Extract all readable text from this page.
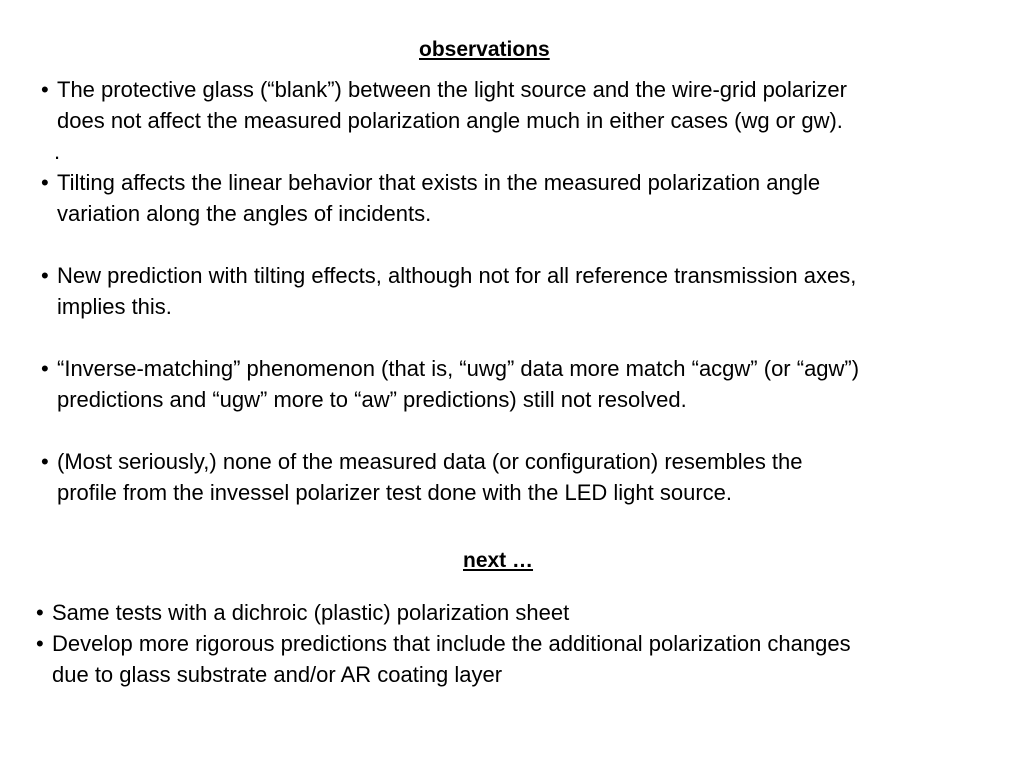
observations
• The protective glass (“blank”) between the light source and the wire-grid polarizer
does not affect the measured polarization angle much in either cases (wg or gw).
.
• Tilting affects the linear behavior that exists in the measured polarization angle
variation along the angles of incidents.
• New prediction with tilting effects, although not for all reference transmission axes,
implies this.
• “Inverse-matching” phenomenon (that is, “uwg” data more match “acgw” (or “agw”)
predictions and “ugw” more to “aw” predictions) still not resolved.
• (Most seriously,) none of the measured data (or configuration) resembles the
profile from the invessel polarizer test done with the LED light source.
next …
• Same tests with a dichroic (plastic) polarization sheet
• Develop more rigorous predictions that include the additional polarization changes
due to glass substrate and/or AR coating layer
